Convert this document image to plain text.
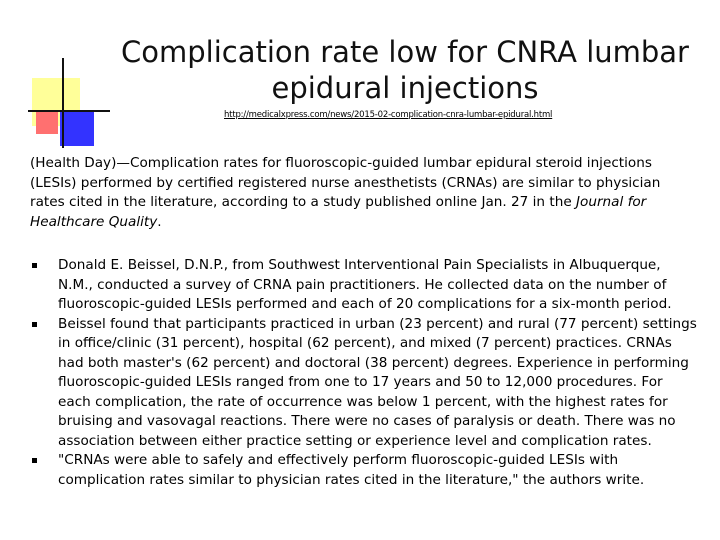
Complication rate low for CNRA lumbar epidural injections
http://medicalxpress.com/news/2015-02-complication-cnra-lumbar-epidural.html

(Health Day)—Complication rates for fluoroscopic-guided lumbar epidural steroid injections (LESIs) performed by certified registered nurse anesthetists (CRNAs) are similar to physician rates cited in the literature, according to a study published online Jan. 27 in the Journal for Healthcare Quality.

Donald E. Beissel, D.N.P., from Southwest Interventional Pain Specialists in Albuquerque, N.M., conducted a survey of CRNA pain practitioners. He collected data on the number of fluoroscopic-guided LESIs performed and each of 20 complications for a six-month period.
Beissel found that participants practiced in urban (23 percent) and rural (77 percent) settings in office/clinic (31 percent), hospital (62 percent), and mixed (7 percent) practices. CRNAs had both master's (62 percent) and doctoral (38 percent) degrees. Experience in performing fluoroscopic-guided LESIs ranged from one to 17 years and 50 to 12,000 procedures. For each complication, the rate of occurrence was below 1 percent, with the highest rates for bruising and vasovagal reactions. There were no cases of paralysis or death. There was no association between either practice setting or experience level and complication rates.
"CRNAs were able to safely and effectively perform fluoroscopic-guided LESIs with complication rates similar to physician rates cited in the literature," the authors write.
